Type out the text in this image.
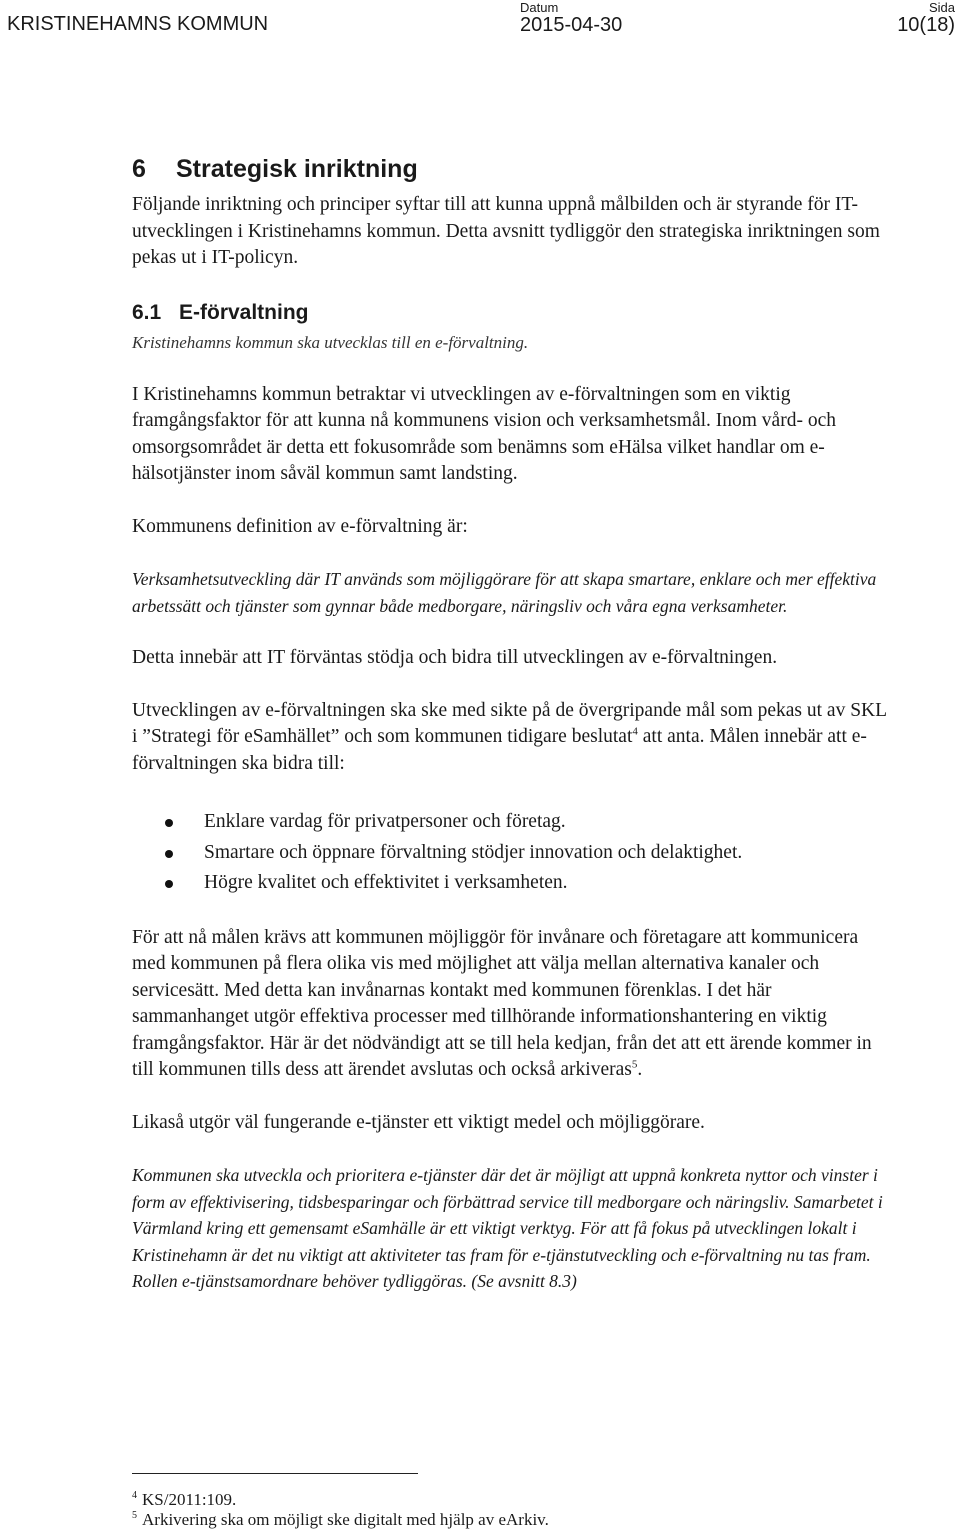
KRISTINEHAMNS KOMMUN
Datum
2015-04-30
Sida
10(18)
6 Strategisk inriktning

Följande inriktning och principer syftar till att kunna uppnå målbilden och är styrande för IT-utvecklingen i Kristinehamns kommun. Detta avsnitt tydliggör den strategiska inriktningen som pekas ut i IT-policyn.

6.1 E-förvaltning

Kristinehamns kommun ska utvecklas till en e-förvaltning.

I Kristinehamns kommun betraktar vi utvecklingen av e-förvaltningen som en viktig framgångsfaktor för att kunna nå kommunens vision och verksamhetsmål. Inom vård- och omsorgsområdet är detta ett fokusområde som benämns som eHälsa vilket handlar om e-hälsotjänster inom såväl kommun samt landsting.

Kommunens definition av e-förvaltning är:

Verksamhetsutveckling där IT används som möjliggörare för att skapa smartare, enklare och mer effektiva arbetssätt och tjänster som gynnar både medborgare, näringsliv och våra egna verksamheter.

Detta innebär att IT förväntas stödja och bidra till utvecklingen av e-förvaltningen.

Utvecklingen av e-förvaltningen ska ske med sikte på de övergripande mål som pekas ut av SKL i ”Strategi för eSamhället” och som kommunen tidigare beslutat$^4$ att anta. Målen innebär att e-förvaltningen ska bidra till:

Enklare vardag för privatpersoner och företag.
Smartare och öppnare förvaltning stödjer innovation och delaktighet.
Högre kvalitet och effektivitet i verksamheten.

För att nå målen krävs att kommunen möjliggör för invånare och företagare att kommunicera med kommunen på flera olika vis med möjlighet att välja mellan alternativa kanaler och servicesätt. Med detta kan invånarnas kontakt med kommunen förenklas. I det här sammanhanget utgör effektiva processer med tillhörande informationshantering en viktig framgångsfaktor. Här är det nödvändigt att se till hela kedjan, från det att ett ärende kommer in till kommunen tills dess att ärendet avslutas och också arkiveras$^5$.

Likaså utgör väl fungerande e-tjänster ett viktigt medel och möjliggörare.

Kommunen ska utveckla och prioritera e-tjänster där det är möjligt att uppnå konkreta nyttor och vinster i form av effektivisering, tidsbesparingar och förbättrad service till medborgare och näringsliv. Samarbetet i Värmland kring ett gemensamt eSamhälle är ett viktigt verktyg. För att få fokus på utvecklingen lokalt i Kristinehamn är det nu viktigt att aktiviteter tas fram för e-tjänstutveckling och e-förvaltning nu tas fram. Rollen e-tjänstsamordnare behöver tydliggöras. (Se avsnitt 8.3)

$^4$ KS/2011:109.
$^5$ Arkivering ska om möjligt ske digitalt med hjälp av eArkiv.
